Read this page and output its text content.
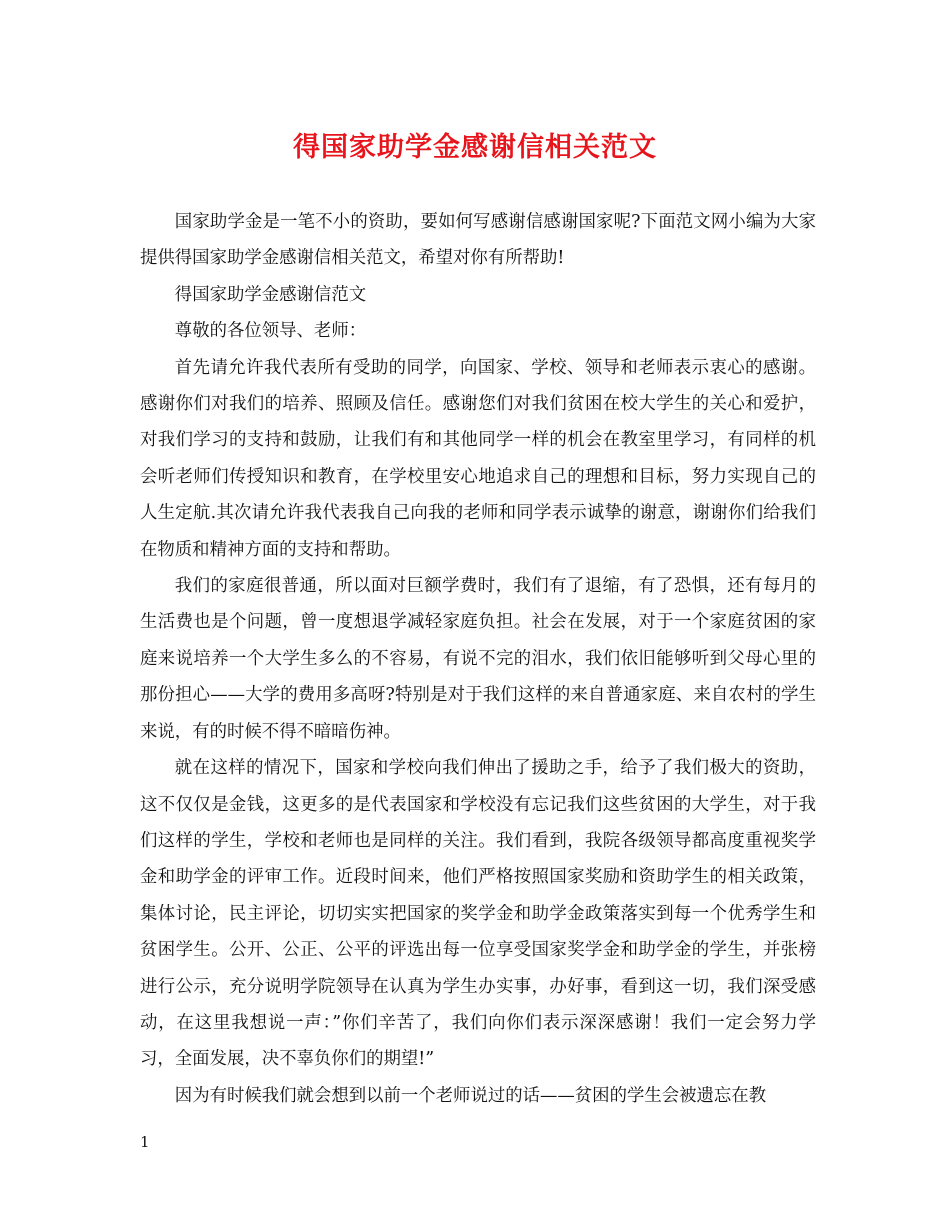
得国家助学金感谢信相关范文

国家助学金是一笔不小的资助，要如何写感谢信感谢国家呢?下面范文网小编为大家提供得国家助学金感谢信相关范文，希望对你有所帮助!

得国家助学金感谢信范文

尊敬的各位领导、老师：

首先请允许我代表所有受助的同学，向国家、学校、领导和老师表示衷心的感谢。感谢你们对我们的培养、照顾及信任。感谢您们对我们贫困在校大学生的关心和爱护，对我们学习的支持和鼓励，让我们有和其他同学一样的机会在教室里学习，有同样的机会听老师们传授知识和教育，在学校里安心地追求自己的理想和目标，努力实现自己的人生定航.其次请允许我代表我自己向我的老师和同学表示诚挚的谢意，谢谢你们给我们在物质和精神方面的支持和帮助。

我们的家庭很普通，所以面对巨额学费时，我们有了退缩，有了恐惧，还有每月的生活费也是个问题，曾一度想退学减轻家庭负担。社会在发展，对于一个家庭贫困的家庭来说培养一个大学生多么的不容易，有说不完的泪水，我们依旧能够听到父母心里的那份担心——大学的费用多高呀?特别是对于我们这样的来自普通家庭、来自农村的学生来说，有的时候不得不暗暗伤神。

就在这样的情况下，国家和学校向我们伸出了援助之手，给予了我们极大的资助，这不仅仅是金钱，这更多的是代表国家和学校没有忘记我们这些贫困的大学生，对于我们这样的学生，学校和老师也是同样的关注。我们看到，我院各级领导都高度重视奖学金和助学金的评审工作。近段时间来，他们严格按照国家奖励和资助学生的相关政策，集体讨论，民主评论，切切实实把国家的奖学金和助学金政策落实到每一个优秀学生和贫困学生。公开、公正、公平的评选出每一位享受国家奖学金和助学金的学生，并张榜进行公示，充分说明学院领导在认真为学生办实事，办好事，看到这一切，我们深受感动，在这里我想说一声：”你们辛苦了，我们向你们表示深深感谢！我们一定会努力学习，全面发展，决不辜负你们的期望!”

因为有时候我们就会想到以前一个老师说过的话——贫困的学生会被遗忘在教

1
